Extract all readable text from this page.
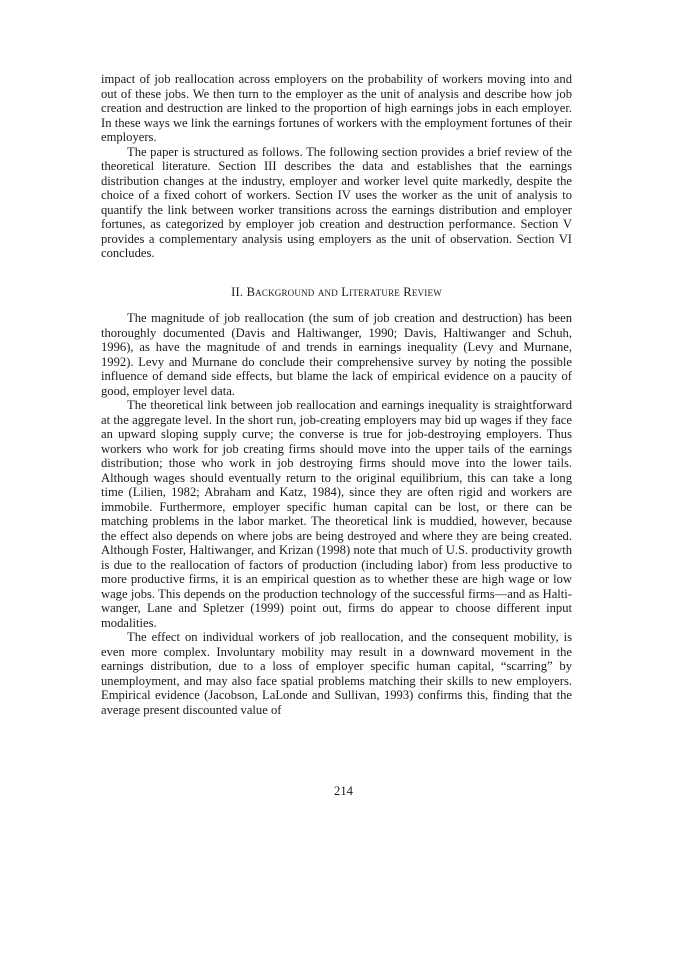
impact of job reallocation across employers on the probability of workers moving into and out of these jobs. We then turn to the employer as the unit of analysis and describe how job creation and destruction are linked to the proportion of high earnings jobs in each employer. In these ways we link the earnings fortunes of workers with the employment fortunes of their employers.

The paper is structured as follows. The following section provides a brief review of the theoretical literature. Section III describes the data and establishes that the earnings distribution changes at the industry, employer and worker level quite markedly, despite the choice of a fixed cohort of workers. Section IV uses the worker as the unit of analysis to quantify the link between worker transitions across the earnings distribution and employer fortunes, as categorized by employer job creation and destruction performance. Section V provides a complementary analysis using employers as the unit of observation. Section VI concludes.

II. Background and Literature Review

The magnitude of job reallocation (the sum of job creation and destruction) has been thoroughly documented (Davis and Haltiwanger, 1990; Davis, Haltiwanger and Schuh, 1996), as have the magnitude of and trends in earnings inequality (Levy and Murnane, 1992). Levy and Murnane do conclude their comprehensive survey by noting the possible influence of demand side effects, but blame the lack of empirical evidence on a paucity of good, employer level data.

The theoretical link between job reallocation and earnings inequality is straightforward at the aggregate level. In the short run, job-creating employers may bid up wages if they face an upward sloping supply curve; the converse is true for job-destroying employers. Thus workers who work for job creating firms should move into the upper tails of the earnings distribution; those who work in job destroying firms should move into the lower tails. Although wages should eventually return to the original equilibrium, this can take a long time (Lilien, 1982; Abraham and Katz, 1984), since they are often rigid and workers are immobile. Furthermore, employer specific human capital can be lost, or there can be matching problems in the labor market. The theoretical link is muddied, however, because the effect also depends on where jobs are being destroyed and where they are being created. Although Foster, Haltiwanger, and Krizan (1998) note that much of U.S. productivity growth is due to the reallocation of factors of production (including labor) from less productive to more productive firms, it is an empirical question as to whether these are high wage or low wage jobs. This depends on the production technology of the successful firms—and as Haltiwanger, Lane and Spletzer (1999) point out, firms do appear to choose different input modalities.

The effect on individual workers of job reallocation, and the consequent mobility, is even more complex. Involuntary mobility may result in a downward movement in the earnings distribution, due to a loss of employer specific human capital, “scarring” by unemployment, and may also face spatial problems matching their skills to new employers. Empirical evidence (Jacobson, LaLonde and Sullivan, 1993) confirms this, finding that the average present discounted value of

214
